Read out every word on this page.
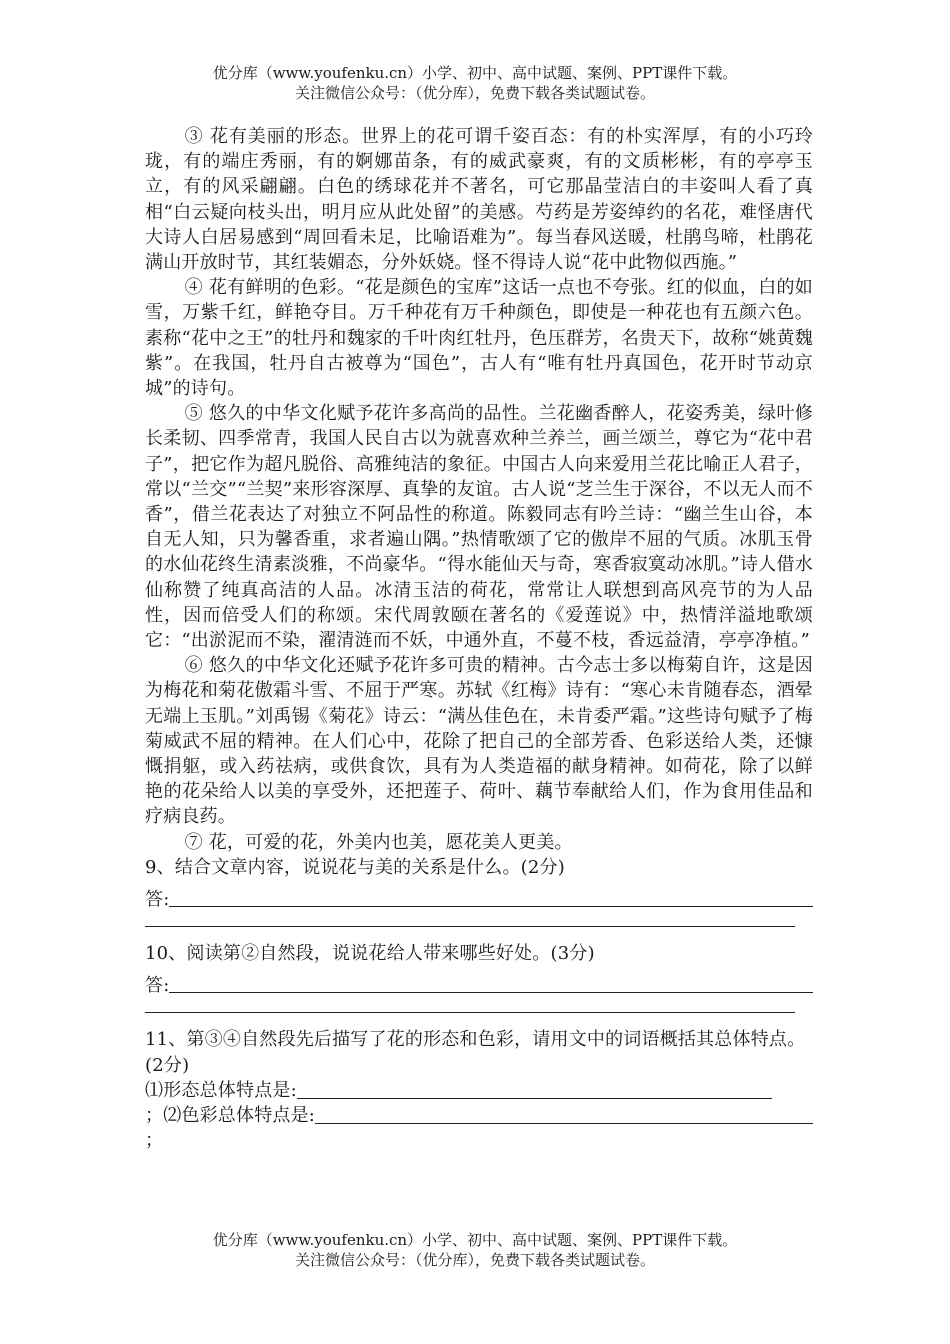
优分库（www.youfenku.cn）小学、初中、高中试题、案例、PPT课件下载。
关注微信公众号：（优分库），免费下载各类试题试卷。

③ 花有美丽的形态。世界上的花可谓千姿百态：有的朴实浑厚，有的小巧玲珑，有的端庄秀丽，有的婀娜苗条，有的威武豪爽，有的文质彬彬，有的亭亭玉立，有的风采翩翩。白色的绣球花并不著名，可它那晶莹洁白的丰姿叫人看了真相“白云疑向枝头出，明月应从此处留”的美感。芍药是芳姿绰约的名花，难怪唐代大诗人白居易感到“周回看未足，比喻语难为”。每当春风送暖，杜鹃鸟啼，杜鹃花满山开放时节，其红装媚态，分外妖娆。怪不得诗人说“花中此物似西施。”

④ 花有鲜明的色彩。“花是颜色的宝库”这话一点也不夸张。红的似血，白的如雪，万紫千红，鲜艳夺目。万千种花有万千种颜色，即使是一种花也有五颜六色。素称“花中之王”的牡丹和魏家的千叶肉红牡丹，色压群芳，名贵天下，故称“姚黄魏紫”。在我国，牡丹自古被尊为“国色”，古人有“唯有牡丹真国色，花开时节动京城”的诗句。

⑤ 悠久的中华文化赋予花许多高尚的品性。兰花幽香醉人，花姿秀美，绿叶修长柔韧、四季常青，我国人民自古以为就喜欢种兰养兰，画兰颂兰，尊它为“花中君子”，把它作为超凡脱俗、高雅纯洁的象征。中国古人向来爱用兰花比喻正人君子，常以“兰交”“兰契”来形容深厚、真挚的友谊。古人说“芝兰生于深谷，不以无人而不香”，借兰花表达了对独立不阿品性的称道。陈毅同志有吟兰诗：“幽兰生山谷，本自无人知，只为馨香重，求者遍山隅。”热情歌颂了它的傲岸不屈的气质。冰肌玉骨的水仙花终生清素淡雅，不尚豪华。“得水能仙天与奇，寒香寂寞动冰肌。”诗人借水仙称赞了纯真高洁的人品。冰清玉洁的荷花，常常让人联想到高风亮节的为人品性，因而倍受人们的称颂。宋代周敦颐在著名的《爱莲说》中，热情洋溢地歌颂它：“出淤泥而不染，濯清涟而不妖，中通外直，不蔓不枝，香远益清，亭亭净植。”

⑥ 悠久的中华文化还赋予花许多可贵的精神。古今志士多以梅菊自许，这是因为梅花和菊花傲霜斗雪、不屈于严寒。苏轼《红梅》诗有：“寒心未肯随春态，酒晕无端上玉肌。”刘禹锡《菊花》诗云：“满丛佳色在，未肯委严霜。”这些诗句赋予了梅菊威武不屈的精神。在人们心中，花除了把自己的全部芳香、色彩送给人类，还慷慨捐躯，或入药祛病，或供食饮，具有为人类造福的献身精神。如荷花，除了以鲜艳的花朵给人以美的享受外，还把莲子、荷叶、藕节奉献给人们，作为食用佳品和疗病良药。

⑦ 花，可爱的花，外美内也美，愿花美人更美。

9、结合文章内容，说说花与美的关系是什么。(2分)

答:

10、阅读第②自然段，说说花给人带来哪些好处。(3分)

答:

11、第③④自然段先后描写了花的形态和色彩，请用文中的词语概括其总体特点。(2分)

⑴形态总体特点是:
；⑵色彩总体特点是:
；
优分库（www.youfenku.cn）小学、初中、高中试题、案例、PPT课件下载。
关注微信公众号：（优分库），免费下载各类试题试卷。
